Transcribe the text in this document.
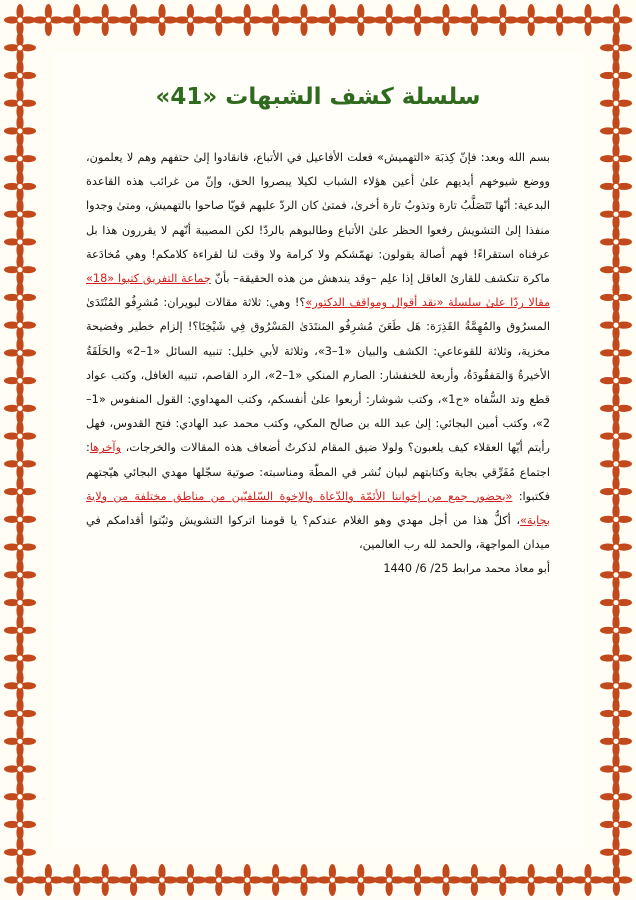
سلسلة كشف الشبهات «41»

بسم الله وبعد: فإنّ كِذبَة «التهميش» فعلت الأفاعيل في الأتباع، فانقادوا إلىٰ حتفهم وهم لا يعلمون، ووضع شيوخهم أيديهم علىٰ أعين هؤلاء الشباب لكيلا يبصروا الحق، وإنّ من غرائب هذه القاعدة البدعية: أنّها تَتَصَلَّبُ تارة وتذوبُ تارة أخرىٰ، فمتىٰ كان الردّ عليهم قويّا صاحوا بالتهميش، ومتىٰ وجدوا منفذا إلىٰ التشويش رفعوا الحظر علىٰ الأتباع وطالبوهم بالردّ! لكن المصيبة أنّهم لا يقررون هذا بل عرفناه استقراءً! فهم أصالة يقولون: نهمّشكم ولا كرامة ولا وقت لنا لقراءة كلامكم! وهي مُخادَعة ماكرة تنكشف للقارئ العاقل إذا علِم –وقد يندهش من هذه الحقيقة– بأنّ جماعة التفريق كتبوا «18» مقالا ردّا علىٰ سلسلة «نقد أقوال ومواقف الدكتور»؟! وهي: ثلاثة مقالات لبويران: مُشرِفُو المُنْتَدَىٰ المسرُوق والمُهِمَّةُ القَذِرَة: هَل طَعَنَ مُشرِفُو المنتَدَىٰ المَسْرُوق فِي شَيْخِنَا؟! إلزام خطير وفضيحة مخزية، وثلاثة للقوعاعي: الكشف والبيان «1–3»، وثلاثة لأبي خليل: تنبيه السائل «1–2» والحَلَقَةُ الأخيرةُ وَالمَفقُودَةُ، وأربعة للخنفشار: الصارم المنكي «1–2»، الرد القاصم، تنبيه الغافل، وكتب عواد قطع وتد السُّفاه «ح1»، وكتب شوشار: أربعوا علىٰ أنفسكم، وكتب المهداوي: القول المنفوس «1–2»، وكتب أمين البجائي: إلىٰ عبد الله بن صالح المكي، وكتب محمد عبد الهادي: فتح القدوس، فهل رأيتم أيّها العقلاء كيف يلعبون؟ ولولا ضيق المقام لذكرتُ أضعاف هذه المقالات والخرجات، وآخرها: اجتماع مُفَرِّقي بجاية وكتابتهم لبيان نُشر في المطّة ومناسبته: صوتية سجّلها مهدي البجائي هيّجتهم فكتبوا: «بحضور جمع من إخواننا الأئمّة والدّعاة والإخوة السّلفيّين من مناطق مختلفة من ولاية بجاية»، أكلُّ هذا من أجل مهدي وهو الغلام عندكم؟ يا قومنا اتركوا التشويش وثبّتوا أقدامكم في ميدان المواجهة، والحمد لله رب العالمين،
أبو معاذ محمد مرابط 25/ 6/ 1440
